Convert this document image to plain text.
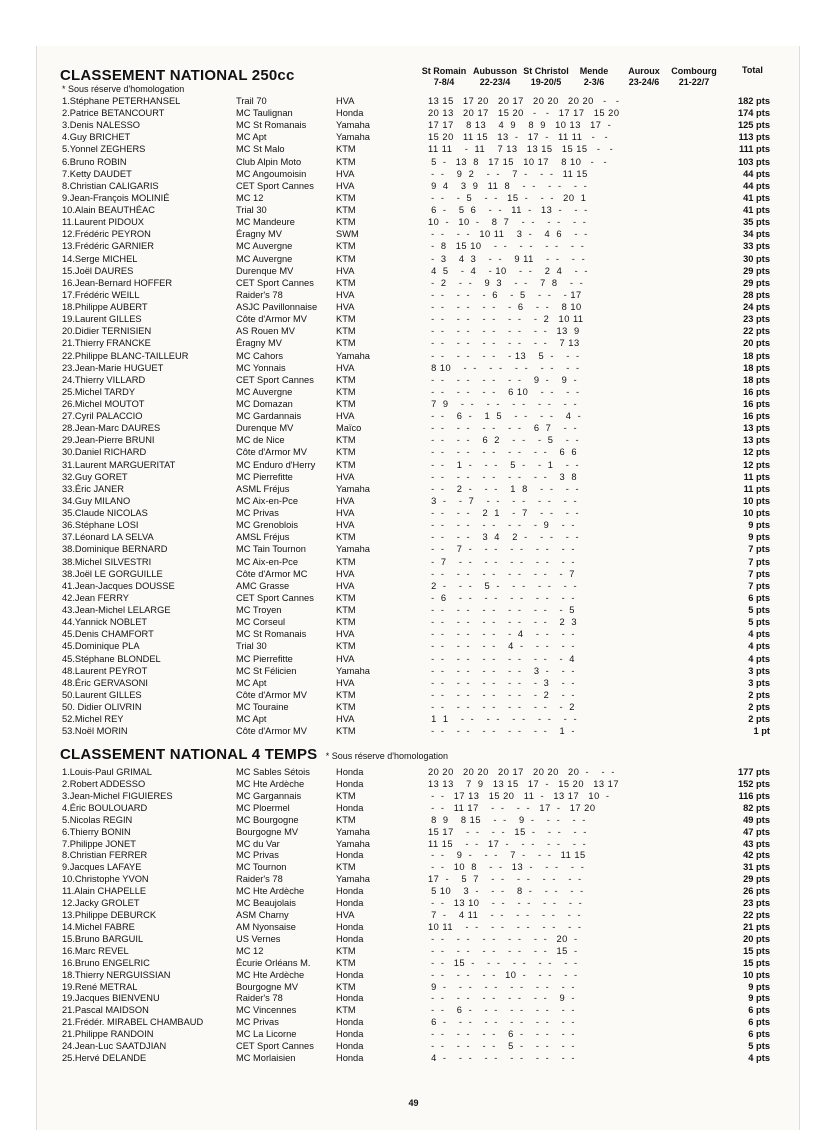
CLASSEMENT NATIONAL 250cc
* Sous réserve d'homologation
St Romain
7-8/4
Aubusson
22-23/4
St Christol
19-20/5
Mende
2-3/6
Auroux
23-24/6
Combourg
21-22/7
Total
1.Stéphane PETERHANSEL	Trail 70	HVA	13 15   17 20   20 17   20 20   20 20   -   -	182 pts
2.Patrice BETANCOURT	MC Taulignan	Honda	20 13   20 17   15 20   -   -   17 17   15 20	174 pts
3.Denis NALESSO	MC St Romanais	Yamaha	17 17    8 13    4  9    8  9   10 13   17  -	125 pts
4.Guy BRICHET	MC Apt	Yamaha	15 20   11 15   13  -   17  -   11 11   -   -	113 pts
5.Yonnel ZEGHERS	MC St Malo	KTM	11 11    -  11    7 13   13 15   15 15   -   -	111 pts
6.Bruno ROBIN	Club Alpin Moto	KTM	5  -   13  8   17 15   10 17    8 10   -   -	103 pts
7.Ketty DAUDET	MC Angoumoisin	HVA	-  -    9  2    -  -    7  -    -  -   11 15	44 pts
8.Christian CALIGARIS	CET Sport Cannes HVA	9  4    3  9   11  8    -  -    -  -    -  -	44 pts
9.Jean-François MOLINIÉ	MC 12	KTM	-  -    -  5    -  -   15  -    -  -   20  1	41 pts
10.Alain BEAUTHÉAC	Trial 30	KTM	6  -    5  6    -  -   11  -   13  -    -  -	41 pts
11.Laurent PIDOUX	MC Mandeure	KTM	10  -   10  -    8  7    -  -    -  -    -  -	35 pts
12.Frédéric PEYRON	Éragny MV	SWM	-  -    -  -   10 11    3  -    4  6    -  -	34 pts
13.Frédéric GARNIER	MC Auvergne	KTM	-  8   15 10    -  -    -  -    -  -    -  -	33 pts
14.Serge MICHEL	MC Auvergne	KTM	-  3    4  3    -  -    9 11    -  -    -  -	30 pts
15.Joël DAURES	Durenque MV	HVA	4  5    -  4    - 10    -  -    2  4    -  -	29 pts
16.Jean-Bernard HOFFER	CET Sport Cannes KTM	-  2    -  -    9  3    -  -    7  8    -  -	29 pts
17.Frédéric WEILL	Raider's 78	HVA	-  -    -  -    -  6    -  5    -  -    - 17	28 pts
18.Philippe AUBERT	ASJC Pavillonnaise HVA	-  -    -  -    -  -    -  6    -  -    8 10	24 pts
19.Laurent GILLES	Côte d'Armor MV	KTM	-  -    -  -    -  -    -  -    -  2   10 11	23 pts
20.Didier TERNISIEN	AS Rouen MV	KTM	-  -    -  -    -  -    -  -    -  -   13  9	22 pts
21.Thierry FRANCKE	Éragny MV	KTM	-  -    -  -    -  -    -  -    -  -    7 13	20 pts
22.Philippe BLANC-TAILLEUR	MC Cahors	Yamaha	-  -    -  -    -  -    - 13    5  -    -  -	18 pts
23.Jean-Marie HUGUET	MC Yonnais	HVA	8 10    -  -    -  -    -  -    -  -    -  -	18 pts
24.Thierry VILLARD	CET Sport Cannes KTM	-  -    -  -    -  -    -  -    9  -    9  -	18 pts
25.Michel TARDY	MC Auvergne	KTM	-  -    -  -    -  -    6 10    -  -    -  -	16 pts
26.Michel MOUTOT	MC Domazan	KTM	7  9    -  -    -  -    -  -    -  -    -  -	16 pts
27.Cyril PALACCIO	MC Gardannais	HVA	-  -    6  -    1  5    -  -    -  -    4  -	16 pts
28.Jean-Marc DAURES	Durenque MV	Maïco	-  -    -  -    -  -    -  -    6  7    -  -	13 pts
29.Jean-Pierre BRUNI	MC de Nice	KTM	-  -    -  -    6  2    -  -    -  5    -  -	13 pts
30.Daniel RICHARD	Côte d'Armor MV	KTM	-  -    -  -    -  -    -  -    -  -    6  6	12 pts
31.Laurent MARGUERITAT	MC Enduro d'Herry KTM	-  -    1  -    -  -    5  -    -  1    -  -	12 pts
32.Guy GORET	MC Pierrefitte	HVA	-  -    -  -    -  -    -  -    -  -    3  8	11 pts
33.Éric JANER	ASML Fréjus	Yamaha	-  -    2  -    -  -    1  8    -  -    -  -	11 pts
34.Guy MILANO	MC Aix-en-Pce	HVA	3  -    -  7    -  -    -  -    -  -    -  -	10 pts
35.Claude NICOLAS	MC Privas	HVA	-  -    -  -    2  1    -  7    -  -    -  -	10 pts
36.Stéphane LOSI	MC Grenoblois	HVA	-  -    -  -    -  -    -  -    -  9    -  -	9 pts
37.Léonard LA SELVA	AMSL Fréjus	KTM	-  -    -  -    3  4    2  -    -  -    -  -	9 pts
38.Dominique BERNARD	MC Tain Tournon	Yamaha	-  -    7  -    -  -    -  -    -  -    -  -	7 pts
38.Michel SILVESTRI	MC Aix-en-Pce	KTM	-  7    -  -    -  -    -  -    -  -    -  -	7 pts
38.Joël LE GORGUILLE	Côte d'Armor MC	HVA	-  -    -  -    -  -    -  -    -  -    -  7	7 pts
41.Jean-Jacques DOUSSE	AMC Grasse	HVA	2  -    -  -    5  -    -  -    -  -    -  -	7 pts
42.Jean FERRY	CET Sport Cannes KTM	-  6    -  -    -  -    -  -    -  -    -  -	6 pts
43.Jean-Michel LELARGE	MC Troyen	KTM	-  -    -  -    -  -    -  -    -  -    -  5	5 pts
44.Yannick NOBLET	MC Corseul	KTM	-  -    -  -    -  -    -  -    -  -    2  3	5 pts
45.Denis CHAMFORT	MC St Romanais	HVA	-  -    -  -    -  -    -  4    -  -    -  -	4 pts
45.Dominique PLA	Trial 30	KTM	-  -    -  -    -  -    4  -    -  -    -  -	4 pts
45.Stéphane BLONDEL	MC Pierrefitte	HVA	-  -    -  -    -  -    -  -    -  -    -  4	4 pts
48.Laurent PEYROT	MC St Félicien	Yamaha	-  -    -  -    -  -    -  -    3  -    -  -	3 pts
48.Éric GERVASONI	MC Apt	HVA	-  -    -  -    -  -    -  -    -  3    -  -	3 pts
50.Laurent GILLES	Côte d'Armor MV	KTM	-  -    -  -    -  -    -  -    -  2    -  -	2 pts
50. Didier OLIVRIN	MC Touraine	KTM	-  -    -  -    -  -    -  -    -  -    -  2	2 pts
52.Michel REY	MC Apt	HVA	1  1    -  -    -  -    -  -    -  -    -  -	2 pts
53.Noël MORIN	Côte d'Armor MV	KTM	-  -    -  -    -  -    -  -    -  -    1  -	1 pt
CLASSEMENT NATIONAL 4 TEMPS * Sous réserve d'homologation
1.Louis-Paul GRIMAL	MC Sables Sétois	Honda	20 20   20 20   20 17   20 20   20  -    -  -	177 pts
2.Robert ADDESSO	MC Hte Ardèche	Honda	13 13    7  9   13 15   17  -   15 20   13 17	152 pts
3.Jean-Michel FIGUIERES	MC Gargannais	KTM	-  -   17 13   15 20   11  -   13 17   10  -	116 pts
4.Éric BOULOUARD	MC Ploermel	Honda	-  -   11 17    -  -    -  -   17  -   17 20	82 pts
5.Nicolas REGIN	MC Bourgogne	KTM	8  9    8 15    -  -    9  -    -  -    -  -	49 pts
6.Thierry BONIN	Bourgogne MV	Yamaha	15 17    -  -    -  -   15  -    -  -    -  -	47 pts
7.Philippe JONET	MC du Var	Yamaha	11 15    -  -   17  -    -  -    -  -    -  -	43 pts
8.Christian FERRER	MC Privas	Honda	-  -    9  -    -  -    7  -    -  -   11 15	42 pts
9.Jacques LAFAYE	MC Tournon	KTM	-  -   10  8    -  -   13  -    -  -    -  -	31 pts
10.Christophe YVON	Raider's 78	Yamaha	17  -    5  7    -  -    -  -    -  -    -  -	29 pts
11.Alain CHAPELLE	MC Hte Ardèche	Honda	5 10    3  -    -  -    8  -    -  -    -  -	26 pts
12.Jacky GROLET	MC Beaujolais	Honda	-  -   13 10    -  -    -  -    -  -    -  -	23 pts
13.Philippe DEBURCK	ASM Charny	HVA	7  -    4 11    -  -    -  -    -  -    -  -	22 pts
14.Michel FABRE	AM Nyonsaise	Honda	10 11    -  -    -  -    -  -    -  -    -  -	21 pts
15.Bruno BARGUIL	US Vernes	Honda	-  -    -  -    -  -    -  -    -  -   20  -	20 pts
16.Marc REVEL	MC 12	KTM	-  -    -  -    -  -    -  -    -  -   15  -	15 pts
16.Bruno ENGELRIC	Écurie Orléans M.	KTM	-  -   15  -    -  -    -  -    -  -    -  -	15 pts
18.Thierry NERGUISSIAN	MC Hte Ardèche	Honda	-  -    -  -    -  -   10  -    -  -    -  -	10 pts
19.René METRAL	Bourgogne MV	KTM	9  -    -  -    -  -    -  -    -  -    -  -	9 pts
19.Jacques BIENVENU	Raider's 78	Honda	-  -    -  -    -  -    -  -    -  -    9  -	9 pts
21.Pascal MAIDSON	MC Vincennes	KTM	-  -    6  -    -  -    -  -    -  -    -  -	6 pts
21.Frédér. MIRABEL CHAMBAUD	MC Privas	Honda	6  -    -  -    -  -    -  -    -  -    -  -	6 pts
21.Philippe RANDOIN	MC La Licorne	Honda	-  -    -  -    -  -    6  -    -  -    -  -	6 pts
24.Jean-Luc SAATDJIAN	CET Sport Cannes Honda	-  -    -  -    -  -    5  -    -  -    -  -	5 pts
25.Hervé DELANDE	MC Morlaisien	Honda	4  -    -  -    -  -    -  -    -  -    -  -	4 pts
49
